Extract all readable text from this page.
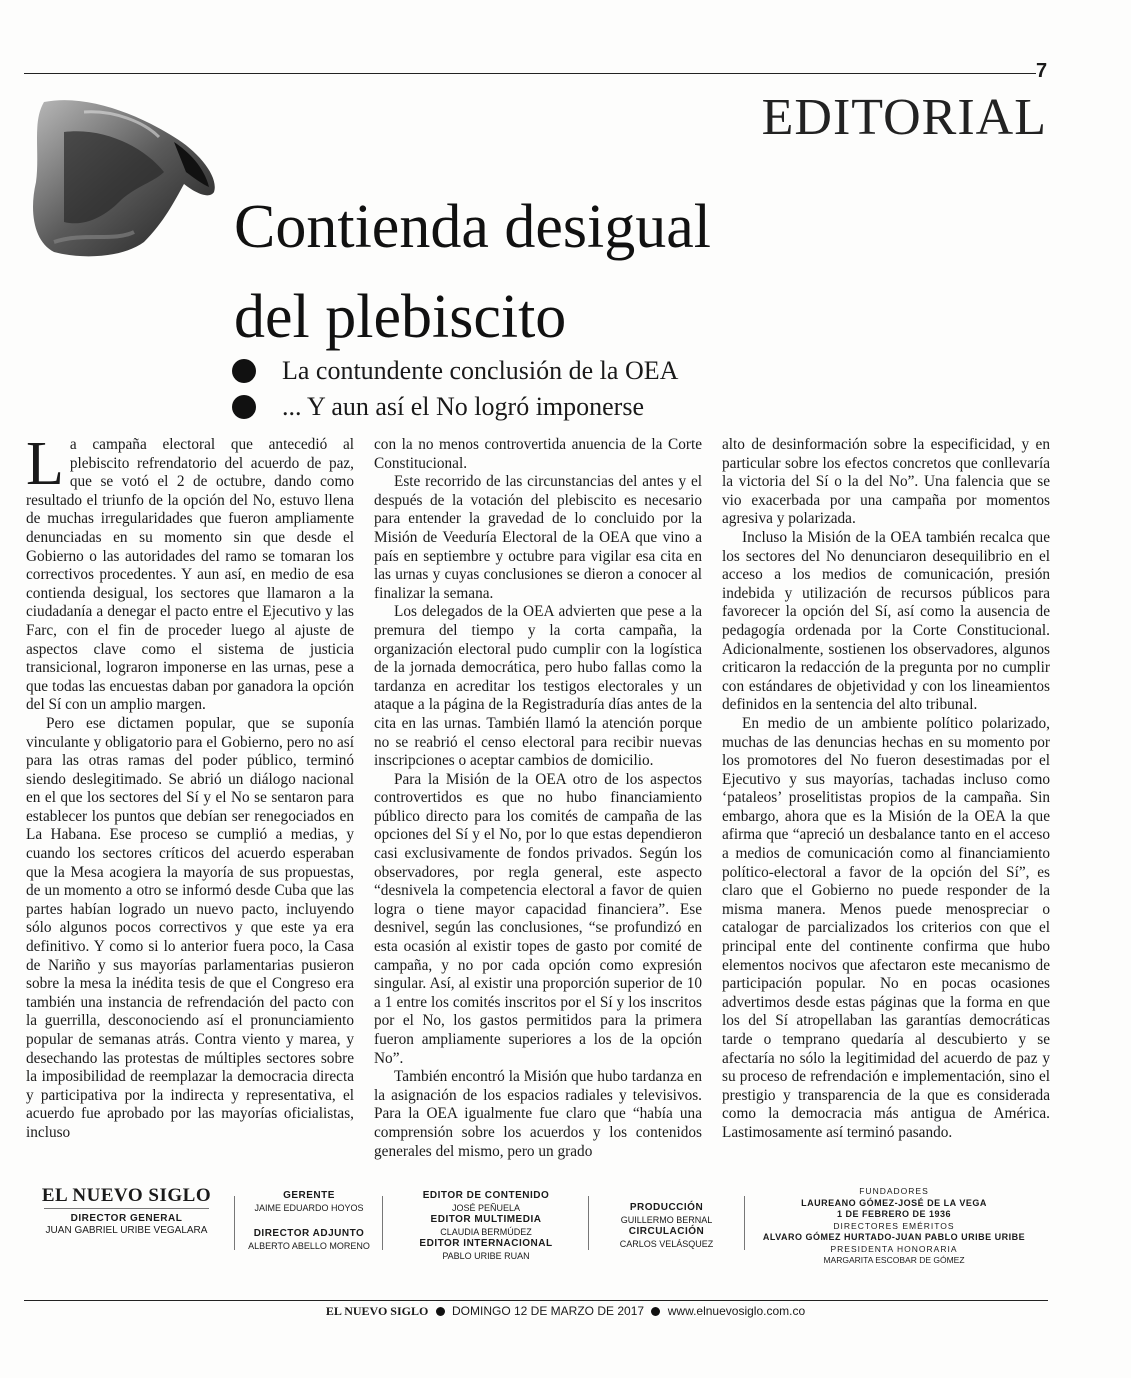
7
EDITORIAL
Contienda desigual
del plebiscito
La contundente conclusión de la OEA
... Y aun así el No logró imponerse

La campaña electoral que antecedió al plebiscito refrendatorio del acuerdo de paz, que se votó el 2 de octubre, dando como resultado el triunfo de la opción del No, estuvo llena de muchas irregularidades que fueron ampliamente denunciadas en su momento sin que desde el Gobierno o las autoridades del ramo se tomaran los correctivos procedentes. Y aun así, en medio de esa contienda desigual, los sectores que llamaron a la ciudadanía a denegar el pacto entre el Ejecutivo y las Farc, con el fin de proceder luego al ajuste de aspectos clave como el sistema de justicia transicional, lograron imponerse en las urnas, pese a que todas las encuestas daban por ganadora la opción del Sí con un amplio margen.

Pero ese dictamen popular, que se suponía vinculante y obligatorio para el Gobierno, pero no así para las otras ramas del poder público, terminó siendo deslegitimado. Se abrió un diálogo nacional en el que los sectores del Sí y el No se sentaron para establecer los puntos que debían ser renegociados en La Habana. Ese proceso se cumplió a medias, y cuando los sectores críticos del acuerdo esperaban que la Mesa acogiera la mayoría de sus propuestas, de un momento a otro se informó desde Cuba que las partes habían logrado un nuevo pacto, incluyendo sólo algunos pocos correctivos y que este ya era definitivo. Y como si lo anterior fuera poco, la Casa de Nariño y sus mayorías parlamentarias pusieron sobre la mesa la inédita tesis de que el Congreso era también una instancia de refrendación del pacto con la guerrilla, desconociendo así el pronunciamiento popular de semanas atrás. Contra viento y marea, y desechando las protestas de múltiples sectores sobre la imposibilidad de reemplazar la democracia directa y participativa por la indirecta y representativa, el acuerdo fue aprobado por las mayorías oficialistas, incluso

con la no menos controvertida anuencia de la Corte Constitucional.

Este recorrido de las circunstancias del antes y el después de la votación del plebiscito es necesario para entender la gravedad de lo concluido por la Misión de Veeduría Electoral de la OEA que vino a país en septiembre y octubre para vigilar esa cita en las urnas y cuyas conclusiones se dieron a conocer al finalizar la semana.

Los delegados de la OEA advierten que pese a la premura del tiempo y la corta campaña, la organización electoral pudo cumplir con la logística de la jornada democrática, pero hubo fallas como la tardanza en acreditar los testigos electorales y un ataque a la página de la Registraduría días antes de la cita en las urnas. También llamó la atención porque no se reabrió el censo electoral para recibir nuevas inscripciones o aceptar cambios de domicilio.

Para la Misión de la OEA otro de los aspectos controvertidos es que no hubo financiamiento público directo para los comités de campaña de las opciones del Sí y el No, por lo que estas dependieron casi exclusivamente de fondos privados. Según los observadores, por regla general, este aspecto “desnivela la competencia electoral a favor de quien logra o tiene mayor capacidad financiera”. Ese desnivel, según las conclusiones, “se profundizó en esta ocasión al existir topes de gasto por comité de campaña, y no por cada opción como expresión singular. Así, al existir una proporción superior de 10 a 1 entre los comités inscritos por el Sí y los inscritos por el No, los gastos permitidos para la primera fueron ampliamente superiores a los de la opción No”.

También encontró la Misión que hubo tardanza en la asignación de los espacios radiales y televisivos. Para la OEA igualmente fue claro que “había una comprensión sobre los acuerdos y los contenidos generales del mismo, pero un grado

alto de desinformación sobre la especificidad, y en particular sobre los efectos concretos que conllevaría la victoria del Sí o la del No”. Una falencia que se vio exacerbada por una campaña por momentos agresiva y polarizada.

Incluso la Misión de la OEA también recalca que los sectores del No denunciaron desequilibrio en el acceso a los medios de comunicación, presión indebida y utilización de recursos públicos para favorecer la opción del Sí, así como la ausencia de pedagogía ordenada por la Corte Constitucional. Adicionalmente, sostienen los observadores, algunos criticaron la redacción de la pregunta por no cumplir con estándares de objetividad y con los lineamientos definidos en la sentencia del alto tribunal.

En medio de un ambiente político polarizado, muchas de las denuncias hechas en su momento por los promotores del No fueron desestimadas por el Ejecutivo y sus mayorías, tachadas incluso como ‘pataleos’ proselitistas propios de la campaña. Sin embargo, ahora que es la Misión de la OEA la que afirma que “apreció un desbalance tanto en el acceso a medios de comunicación como al financiamiento político-electoral a favor de la opción del Sí”, es claro que el Gobierno no puede responder de la misma manera. Menos puede menospreciar o catalogar de parcializados los criterios con que el principal ente del continente confirma que hubo elementos nocivos que afectaron este mecanismo de participación popular. No en pocas ocasiones advertimos desde estas páginas que la forma en que los del Sí atropellaban las garantías democráticas tarde o temprano quedaría al descubierto y se afectaría no sólo la legitimidad del acuerdo de paz y su proceso de refrendación e implementación, sino el prestigio y transparencia de la que es considerada como la democracia más antigua de América. Lastimosamente así terminó pasando.

EL NUEVO SIGLO
DIRECTOR GENERAL
JUAN GABRIEL URIBE VEGALARA
GERENTE
JAIME EDUARDO HOYOS
DIRECTOR ADJUNTO
ALBERTO ABELLO MORENO
EDITOR DE CONTENIDO
JOSÉ PEÑUELA
EDITOR MULTIMEDIA
CLAUDIA BERMÚDEZ
EDITOR INTERNACIONAL
PABLO URIBE RUAN
PRODUCCIÓN
GUILLERMO BERNAL
CIRCULACIÓN
CARLOS VELÁSQUEZ
FUNDADORES
LAUREANO GÓMEZ-JOSÉ DE LA VEGA
1 DE FEBRERO DE 1936
DIRECTORES EMÉRITOS
ALVARO GÓMEZ HURTADO-JUAN PABLO URIBE URIBE
PRESIDENTA HONORARIA
MARGARITA ESCOBAR DE GÓMEZ
EL NUEVO SIGLO DOMINGO 12 DE MARZO DE 2017 www.elnuevosiglo.com.co
